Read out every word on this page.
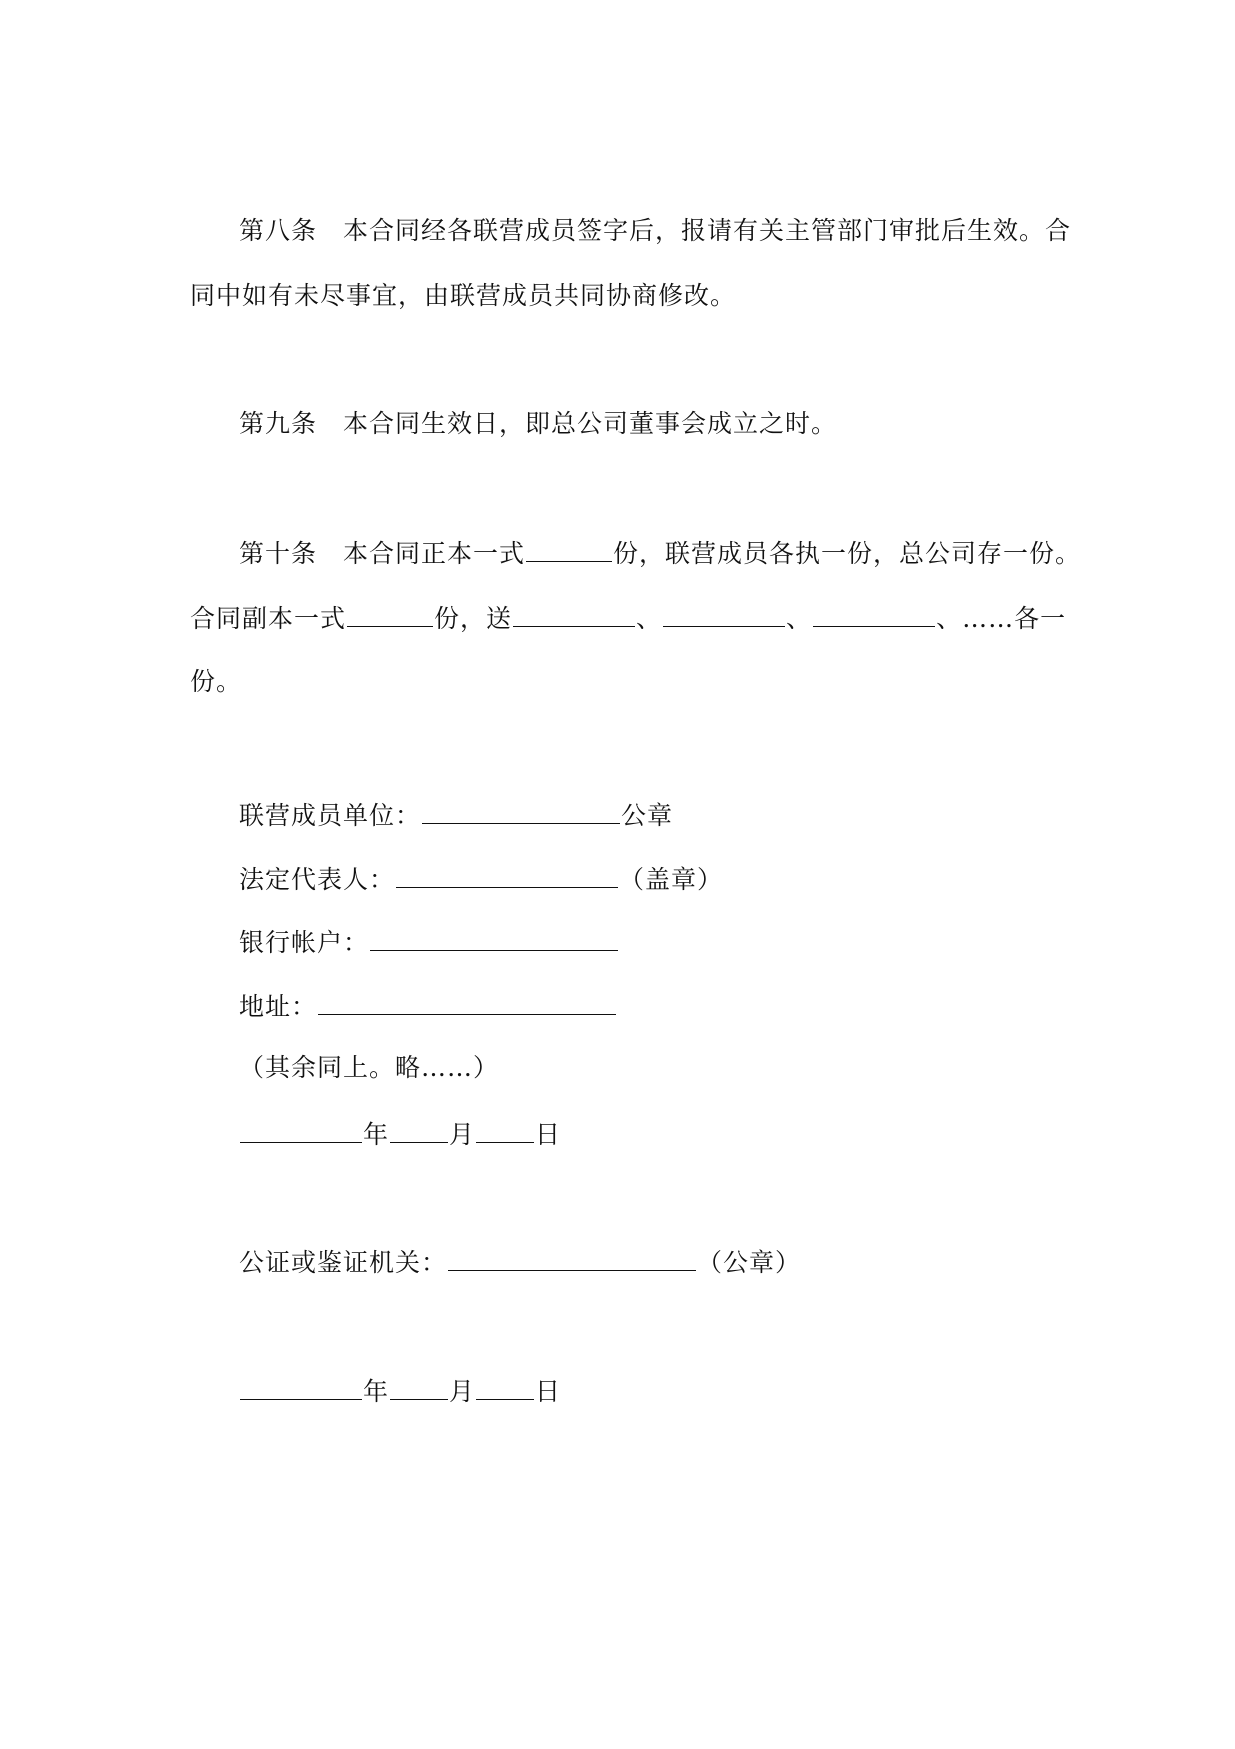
第八条 本合同经各联营成员签字后，报请有关主管部门审批后生效。合
同中如有未尽事宜，由联营成员共同协商修改。
第九条 本合同生效日，即总公司董事会成立之时。
第十条 本合同正本一式	份，联营成员各执一份，总公司存一份。
合同副本一式	份，送	、	、	、……各一
份。
联营成员单位：	公章
法定代表人：	（盖章）
银行帐户：
地址：
（其余同上。略……）
年 月 日
公证或鉴证机关：	（公章）
年 月 日
